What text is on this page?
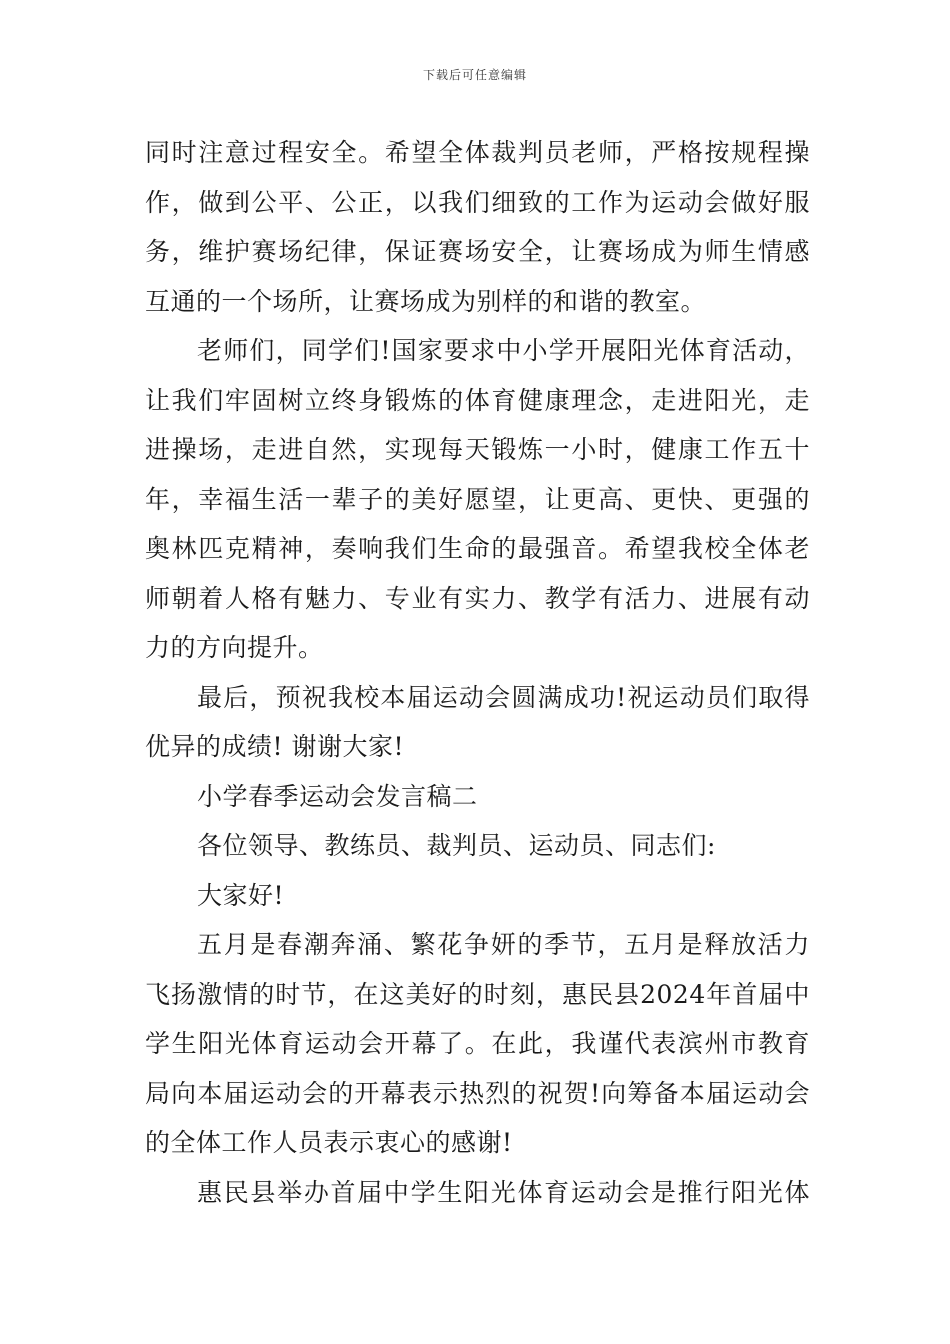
下载后可任意编辑
同时注意过程安全。希望全体裁判员老师，严格按规程操
作，做到公平、公正，以我们细致的工作为运动会做好服
务，维护赛场纪律，保证赛场安全，让赛场成为师生情感
互通的一个场所，让赛场成为别样的和谐的教室。
老师们，同学们!国家要求中小学开展阳光体育活动，
让我们牢固树立终身锻炼的体育健康理念，走进阳光，走
进操场，走进自然，实现每天锻炼一小时，健康工作五十
年，幸福生活一辈子的美好愿望，让更高、更快、更强的
奥林匹克精神，奏响我们生命的最强音。希望我校全体老
师朝着人格有魅力、专业有实力、教学有活力、进展有动
力的方向提升。
最后，预祝我校本届运动会圆满成功!祝运动员们取得
优异的成绩! 谢谢大家!
小学春季运动会发言稿二
各位领导、教练员、裁判员、运动员、同志们:
大家好!
五月是春潮奔涌、繁花争妍的季节，五月是释放活力
飞扬激情的时节，在这美好的时刻，惠民县2024年首届中
学生阳光体育运动会开幕了。在此，我谨代表滨州市教育
局向本届运动会的开幕表示热烈的祝贺!向筹备本届运动会
的全体工作人员表示衷心的感谢!
惠民县举办首届中学生阳光体育运动会是推行阳光体
